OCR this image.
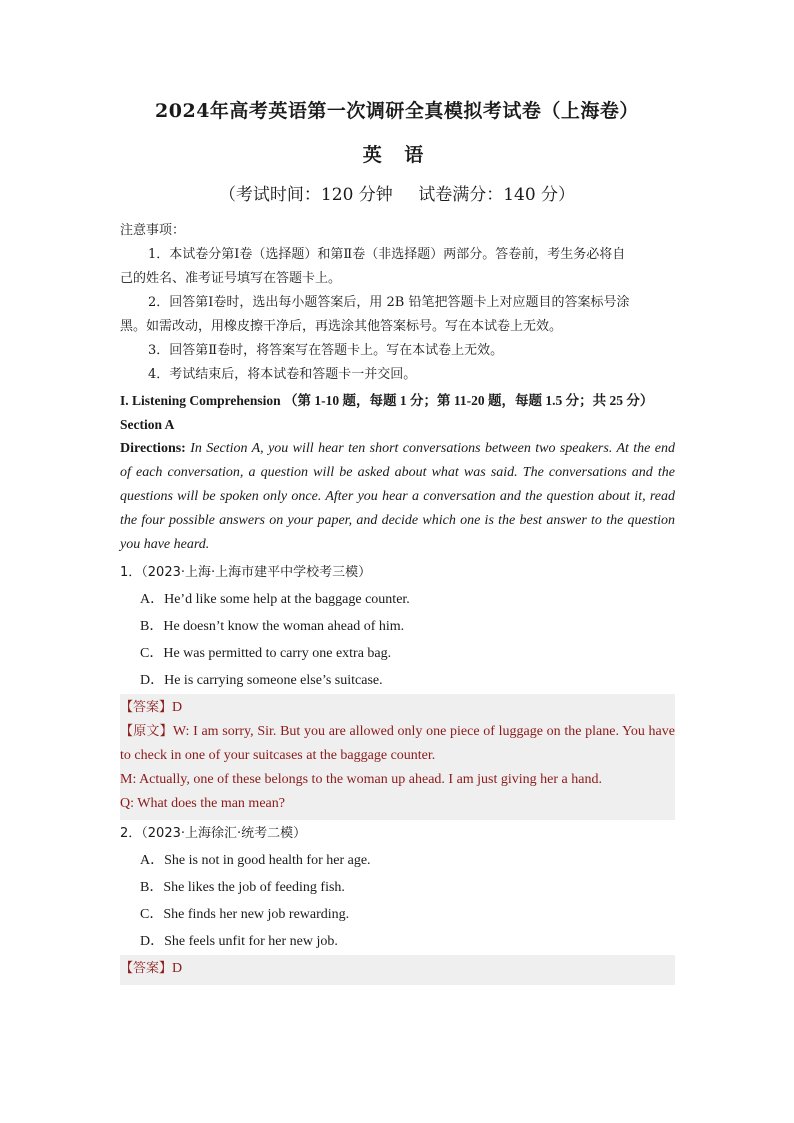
2024年高考英语第一次调研全真模拟考试卷（上海卷）
英 语
（考试时间：120 分钟 试卷满分：140 分）
注意事项：
1．本试卷分第Ⅰ卷（选择题）和第Ⅱ卷（非选择题）两部分。答卷前，考生务必将自
己的姓名、准考证号填写在答题卡上。
2．回答第Ⅰ卷时，选出每小题答案后，用 2B 铅笔把答题卡上对应题目的答案标号涂
黑。如需改动，用橡皮擦干净后，再选涂其他答案标号。写在本试卷上无效。
3．回答第Ⅱ卷时，将答案写在答题卡上。写在本试卷上无效。
4．考试结束后，将本试卷和答题卡一并交回。
I. Listening Comprehension （第 1-10 题，每题 1 分；第 11-20 题，每题 1.5 分；共 25 分）
Section A
Directions: In Section A, you will hear ten short conversations between two speakers. At the end of each conversation, a question will be asked about what was said. The conversations and the questions will be spoken only once. After you hear a conversation and the question about it, read the four possible answers on your paper, and decide which one is the best answer to the question you have heard.
1．（2023·上海·上海市建平中学校考三模）
A．He’d like some help at the baggage counter.
B．He doesn’t know the woman ahead of him.
C．He was permitted to carry one extra bag.
D．He is carrying someone else’s suitcase.
【答案】D
【原文】W: I am sorry, Sir. But you are allowed only one piece of luggage on the plane. You have to check in one of your suitcases at the baggage counter.
M: Actually, one of these belongs to the woman up ahead. I am just giving her a hand.
Q: What does the man mean?
2．（2023·上海徐汇·统考二模）
A．She is not in good health for her age.
B．She likes the job of feeding fish.
C．She finds her new job rewarding.
D．She feels unfit for her new job.
【答案】D
